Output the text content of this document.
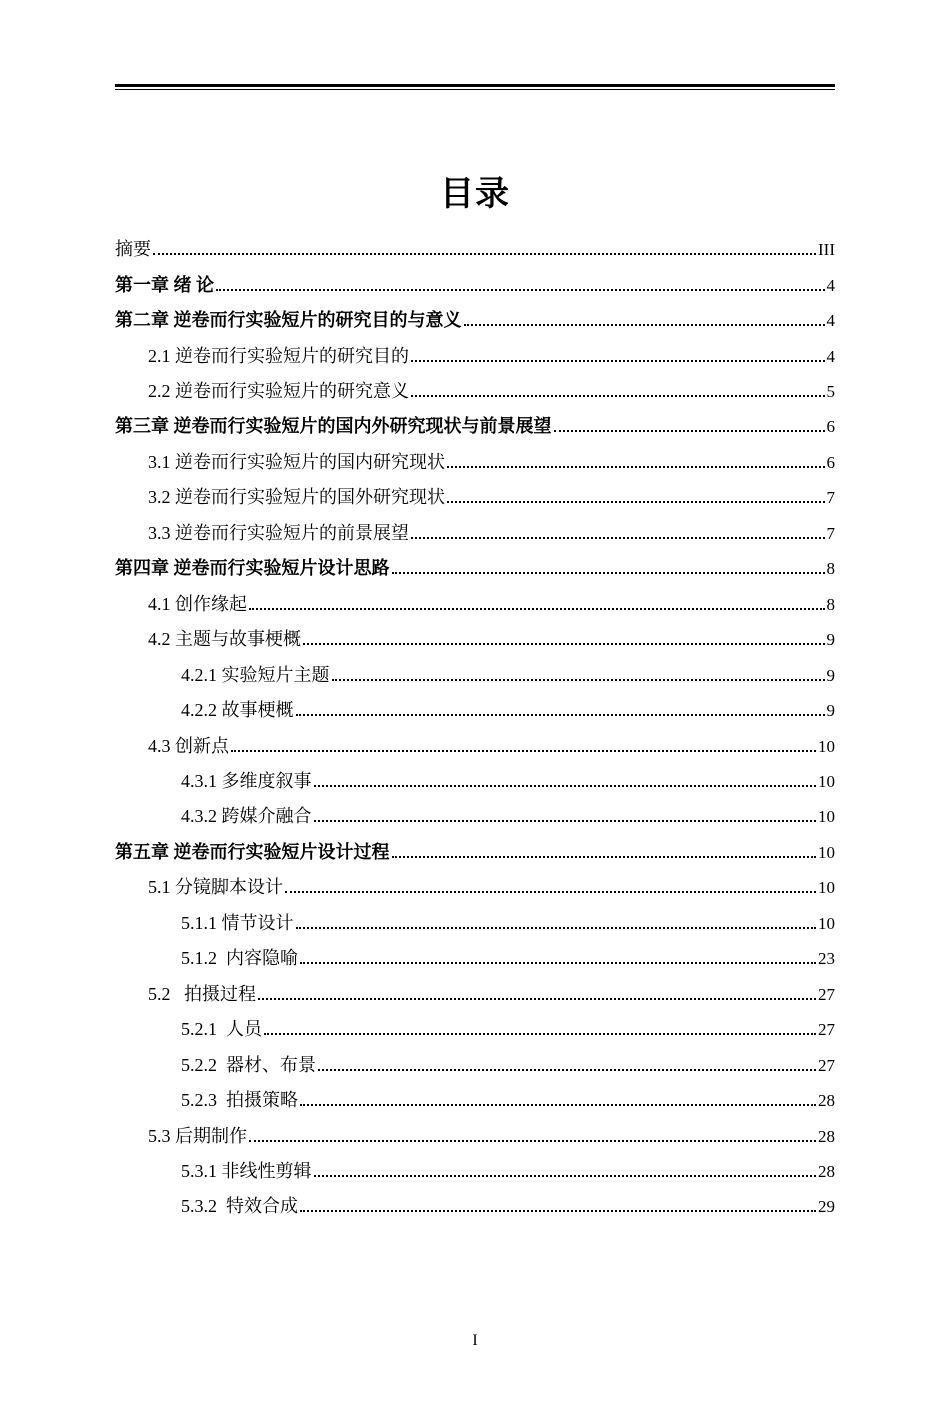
目录
摘要	III
第一章 绪 论	4
第二章 逆卷而行实验短片的研究目的与意义	4
2.1 逆卷而行实验短片的研究目的	4
2.2 逆卷而行实验短片的研究意义	5
第三章 逆卷而行实验短片的国内外研究现状与前景展望	6
3.1 逆卷而行实验短片的国内研究现状	6
3.2 逆卷而行实验短片的国外研究现状	7
3.3 逆卷而行实验短片的前景展望	7
第四章 逆卷而行实验短片设计思路	8
4.1 创作缘起	8
4.2 主题与故事梗概	9
4.2.1 实验短片主题	9
4.2.2 故事梗概	9
4.3 创新点	10
4.3.1 多维度叙事	10
4.3.2 跨媒介融合	10
第五章 逆卷而行实验短片设计过程	10
5.1 分镜脚本设计	10
5.1.1 情节设计	10
5.1.2  内容隐喻	23
5.2   拍摄过程	27
5.2.1  人员	27
5.2.2  器材、布景	27
5.2.3  拍摄策略	28
5.3 后期制作	28
5.3.1 非线性剪辑	28
5.3.2  特效合成	29
I
